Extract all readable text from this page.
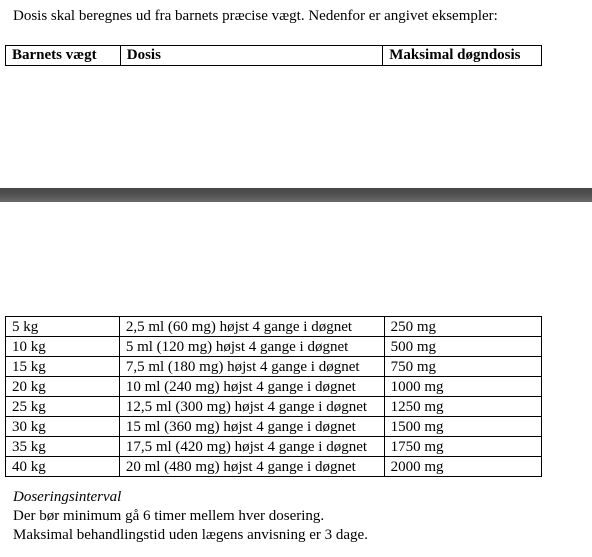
Dosis skal beregnes ud fra barnets præcise vægt. Nedenfor er angivet eksempler:
Barnets vægt	Dosis	Maksimal døgndosis
5 kg	2,5 ml (60 mg) højst 4 gange i døgnet	250 mg
10 kg	5 ml (120 mg) højst 4 gange i døgnet	500 mg
15 kg	7,5 ml (180 mg) højst 4 gange i døgnet	750 mg
20 kg	10 ml (240 mg) højst 4 gange i døgnet	1000 mg
25 kg	12,5 ml (300 mg) højst 4 gange i døgnet	1250 mg
30 kg	15 ml (360 mg) højst 4 gange i døgnet	1500 mg
35 kg	17,5 ml (420 mg) højst 4 gange i døgnet	1750 mg
40 kg	20 ml (480 mg) højst 4 gange i døgnet	2000 mg
Doseringsinterval
Der bør minimum gå 6 timer mellem hver dosering.
Maksimal behandlingstid uden lægens anvisning er 3 dage.
